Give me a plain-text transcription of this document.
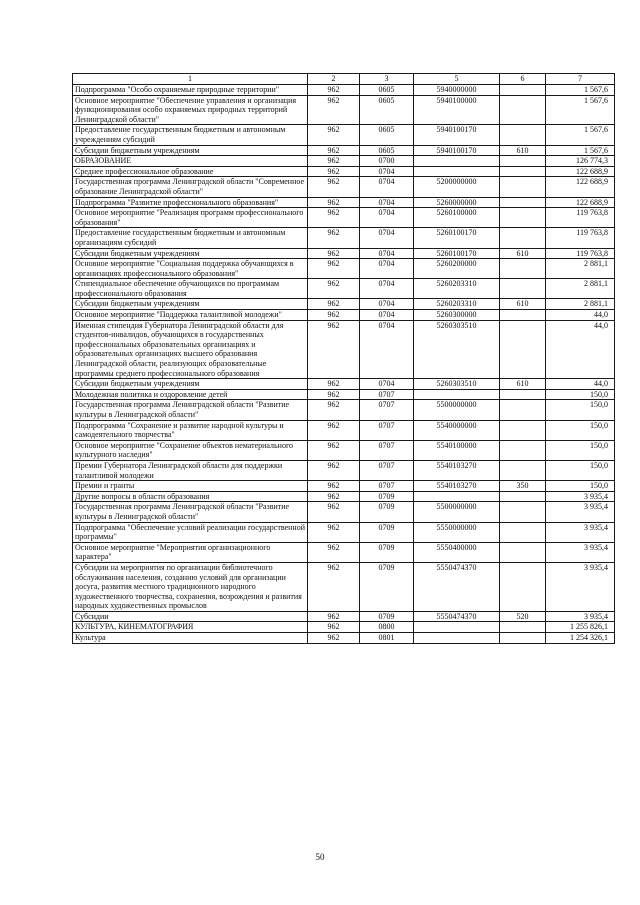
1	2	3	5	6	7
Подпрограмма "Особо охраняемые природные территории"	962	0605	5940000000		1 567,6
Основное мероприятие "Обеспечение управления и организация функционирования особо охраняемых природных территорий Ленинградской области"	962	0605	5940100000		1 567,6
Предоставление государственным бюджетным и автономным учреждениям субсидий	962	0605	5940100170		1 567,6
Субсидии бюджетным учреждениям	962	0605	5940100170	610	1 567,6
ОБРАЗОВАНИЕ	962	0700			126 774,3
Среднее профессиональное образование	962	0704			122 688,9
Государственная программа Ленинградской области "Современное образование Ленинградской области"	962	0704	5200000000		122 688,9
Подпрограмма "Развитие профессионального образования"	962	0704	5260000000		122 688,9
Основное мероприятие "Реализация программ профессионального образования"	962	0704	5260100000		119 763,8
Предоставление государственным бюджетным и автономным организациям субсидий	962	0704	5260100170		119 763,8
Субсидии бюджетным учреждениям	962	0704	5260100170	610	119 763,8
Основное мероприятие "Социальная поддержка обучающихся в организациях профессионального образования"	962	0704	5260200000		2 881,1
Стипендиальное обеспечение обучающихся по программам профессионального образования	962	0704	5260203310		2 881,1
Субсидии бюджетным учреждениям	962	0704	5260203310	610	2 881,1
Основное мероприятие "Поддержка талантливой молодежи"	962	0704	5260300000		44,0
Именная стипендия Губернатора Ленинградской области для студентов-инвалидов, обучающихся в государственных профессиональных образовательных организациях и образовательных организациях высшего образования Ленинградской области, реализующих образовательные программы среднего профессионального образования	962	0704	5260303510		44,0
Субсидии бюджетным учреждениям	962	0704	5260303510	610	44,0
Молодежная политика и оздоровление детей	962	0707			150,0
Государственная программа Ленинградской области "Развитие культуры в Ленинградской области"	962	0707	5500000000		150,0
Подпрограмма "Сохранение и развитие народной культуры и самодеятельного творчества"	962	0707	5540000000		150,0
Основное мероприятие "Сохранение объектов нематериального культурного наследия"	962	0707	5540100000		150,0
Премии Губернатора Ленинградской области для поддержки талантливой молодежи	962	0707	5540103270		150,0
Премии и гранты	962	0707	5540103270	350	150,0
Другие вопросы в области образования	962	0709			3 935,4
Государственная программа Ленинградской области "Развитие культуры в Ленинградской области"	962	0709	5500000000		3 935,4
Подпрограмма "Обеспечение условий реализации государственной программы"	962	0709	5550000000		3 935,4
Основное мероприятие "Мероприятия организационного характера"	962	0709	5550400000		3 935,4
Субсидии на мероприятия по организации библиотечного обслуживания населения, созданию условий для организации досуга, развития местного традиционного народного художественного творчества, сохранения, возрождения и развития народных художественных промыслов	962	0709	5550474370		3 935,4
Субсидии	962	0709	5550474370	520	3 935,4
КУЛЬТУРА, КИНЕМАТОГРАФИЯ	962	0800			1 255 826,1
Культура	962	0801			1 254 326,1
50
